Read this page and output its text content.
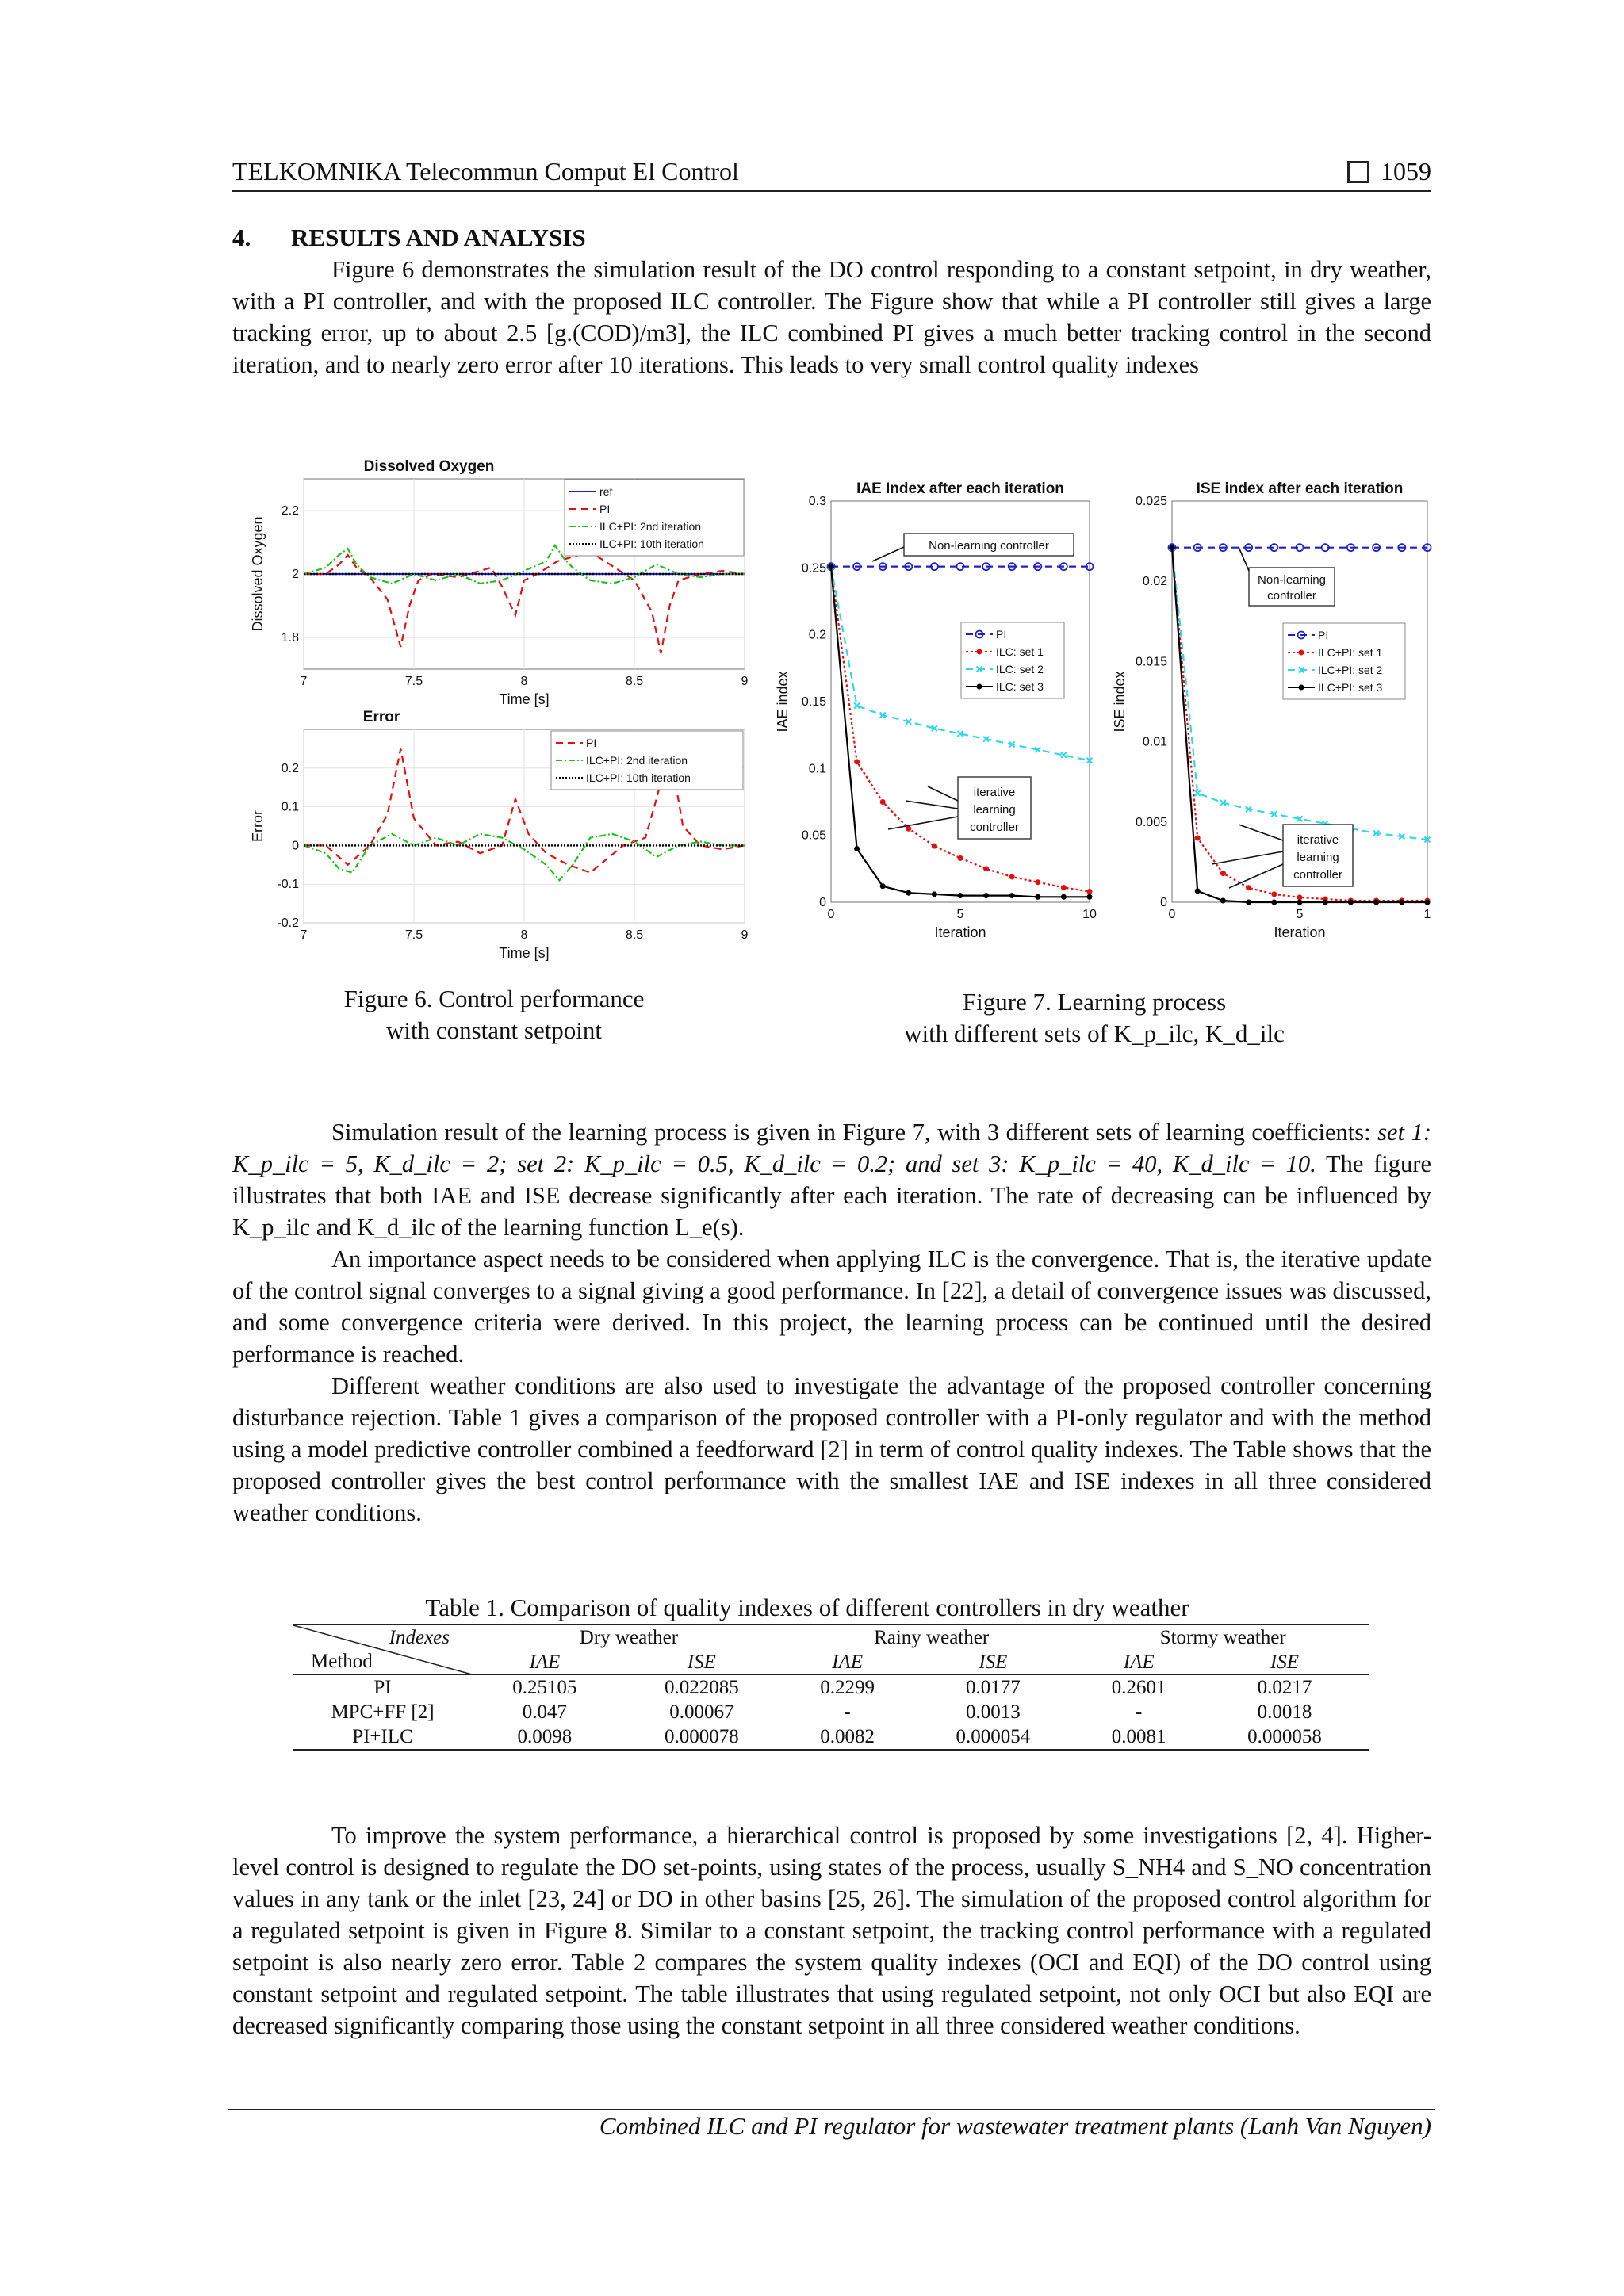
TELKOMNIKA Telecommun Comput El Control	1059
4. RESULTS AND ANALYSIS

Figure 6 demonstrates the simulation result of the DO control responding to a constant setpoint, in dry weather, with a PI controller, and with the proposed ILC controller. The Figure show that while a PI controller still gives a large tracking error, up to about 2.5 [g.(COD)/m3], the ILC combined PI gives a much better tracking control in the second iteration, and to nearly zero error after 10 iterations. This leads to very small control quality indexes

7	7.5	8	8.5	9
1.8
2
2.2
Dissolved Oxygen
Time [s]
Dissolved Oxygen
ref
PI
ILC+PI: 2nd iteration
ILC+PI: 10th iteration
7	7.5	8	8.5	9
-0.2
-0.1
0
0.1
0.2
Error
Time [s]
Error
PI
ILC+PI: 2nd iteration
ILC+PI: 10th iteration
0	5	10
0
0.05
0.1
0.15
0.2
0.25
0.3
IAE Index after each iteration
Iteration
IAE index
PI
ILC: set 1
ILC: set 2
ILC: set 3
Non-learning controller
iterative
learning
controller
0	5	1
0
0.005
0.01
0.015
0.02
0.025
ISE index after each iteration
Iteration
ISE index
PI
ILC+PI: set 1
ILC+PI: set 2
ILC+PI: set 3
Non-learning
controller
iterative
learning
controller
Figure 6. Control performance
with constant setpoint
Figure 7. Learning process
with different sets of K_p_ilc, K_d_ilc

Simulation result of the learning process is given in Figure 7, with 3 different sets of learning coefficients: set 1: K_p_ilc = 5, K_d_ilc = 2; set 2: K_p_ilc = 0.5, K_d_ilc = 0.2; and set 3: K_p_ilc = 40, K_d_ilc = 10. The figure illustrates that both IAE and ISE decrease significantly after each iteration. The rate of decreasing can be influenced by K_p_ilc and K_d_ilc of the learning function L_e(s).

An importance aspect needs to be considered when applying ILC is the convergence. That is, the iterative update of the control signal converges to a signal giving a good performance. In [22], a detail of convergence issues was discussed, and some convergence criteria were derived. In this project, the learning process can be continued until the desired performance is reached.

Different weather conditions are also used to investigate the advantage of the proposed controller concerning disturbance rejection. Table 1 gives a comparison of the proposed controller with a PI-only regulator and with the method using a model predictive controller combined a feedforward [2] in term of control quality indexes. The Table shows that the proposed controller gives the best control performance with the smallest IAE and ISE indexes in all three considered weather conditions.

Table 1. Comparison of quality indexes of different controllers in dry weather
Indexes
Method	Dry weather		Rainy weather		Stormy weather	
	IAE	ISE	IAE	ISE	IAE	ISE
PI	0.25105	0.022085	0.2299	0.0177	0.2601	0.0217
MPC+FF [2]	0.047	0.00067	-	0.0013	-	0.0018
PI+ILC	0.0098	0.000078	0.0082	0.000054	0.0081	0.000058

To improve the system performance, a hierarchical control is proposed by some investigations [2, 4]. Higher-level control is designed to regulate the DO set-points, using states of the process, usually S_NH4 and S_NO concentration values in any tank or the inlet [23, 24] or DO in other basins [25, 26]. The simulation of the proposed control algorithm for a regulated setpoint is given in Figure 8. Similar to a constant setpoint, the tracking control performance with a regulated setpoint is also nearly zero error. Table 2 compares the system quality indexes (OCI and EQI) of the DO control using constant setpoint and regulated setpoint. The table illustrates that using regulated setpoint, not only OCI but also EQI are decreased significantly comparing those using the constant setpoint in all three considered weather conditions.

Combined ILC and PI regulator for wastewater treatment plants (Lanh Van Nguyen)
